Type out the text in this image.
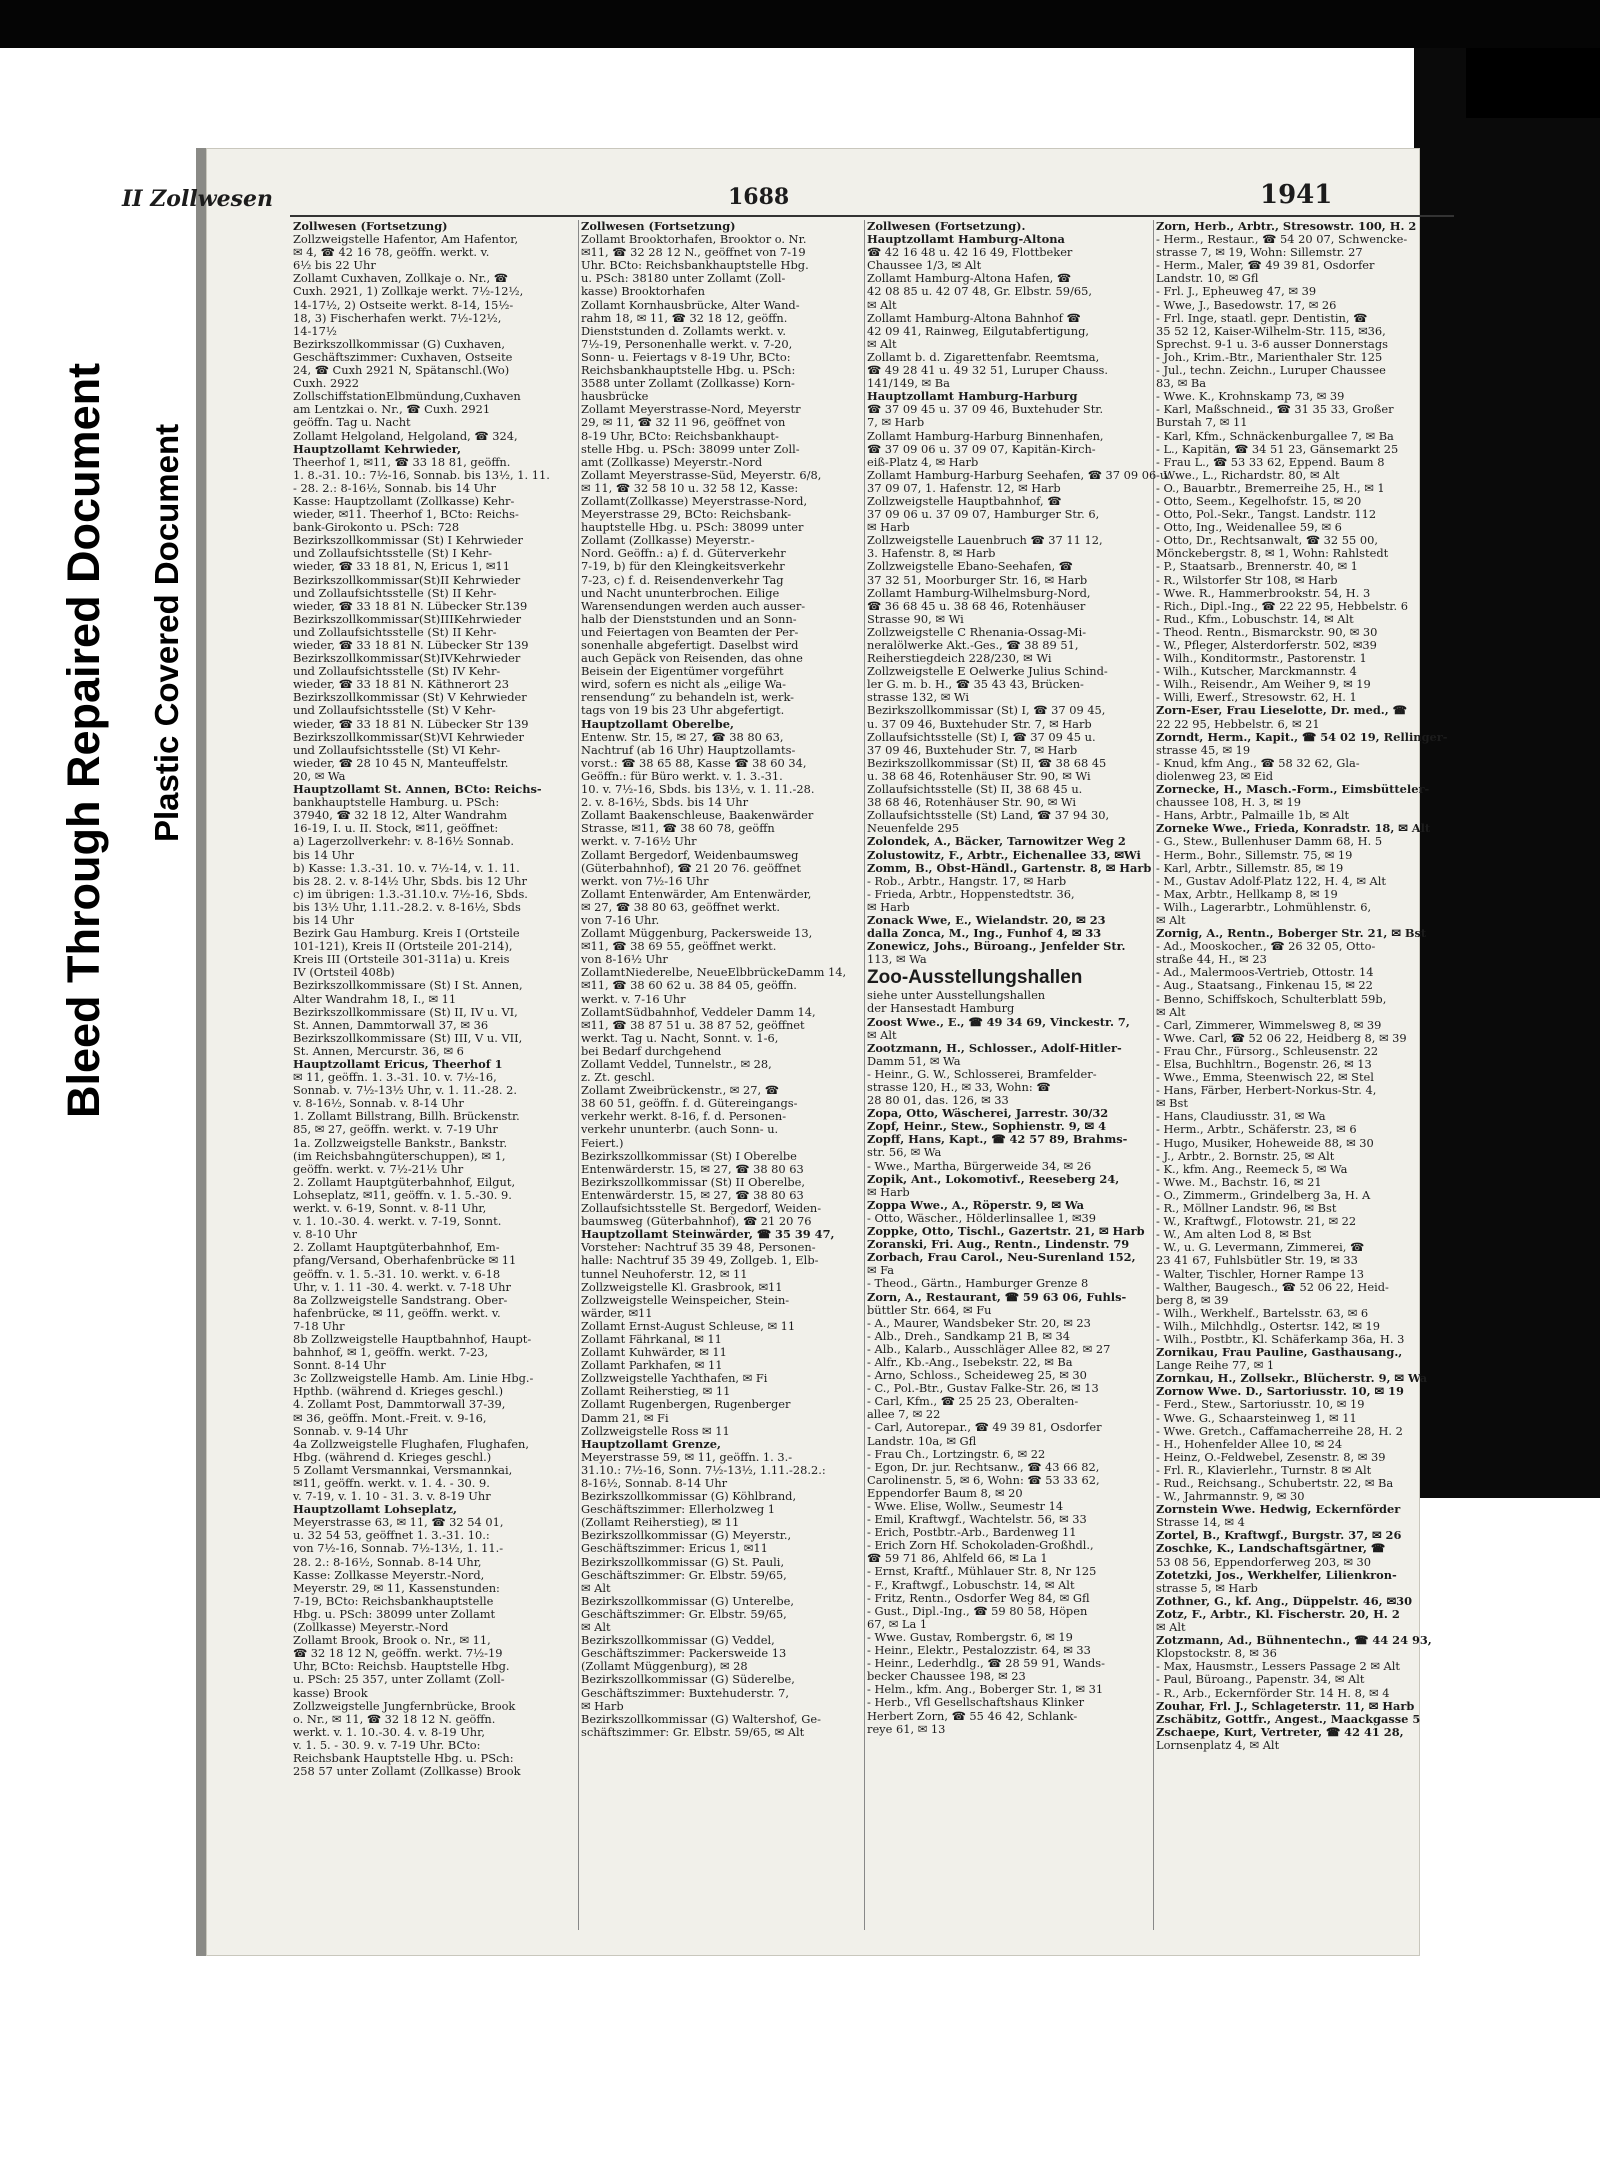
Bleed Through Repaired Document Plastic Covered Document
II Zollwesen	1688	1941
Zollwesen (Fortsetzung)
Zollzweigstelle Hafentor, Am Hafentor,
✉ 4, ☎ 42 16 78, geöffn. werkt. v.
6½ bis 22 Uhr
Zollamt Cuxhaven, Zollkaje o. Nr., ☎
Cuxh. 2921, 1) Zollkaje werkt. 7½-12½,
14-17½, 2) Ostseite werkt. 8-14, 15½-
18, 3) Fischerhafen werkt. 7½-12½,
14-17½
Bezirkszollkommissar (G) Cuxhaven,
Geschäftszimmer: Cuxhaven, Ostseite
24, ☎ Cuxh 2921 N, Spätanschl.(Wo)
Cuxh. 2922
ZollschiffstationElbmündung,Cuxhaven
am Lentzkai o. Nr., ☎ Cuxh. 2921
geöffn. Tag u. Nacht
Zollamt Helgoland, Helgoland, ☎ 324,
Hauptzollamt Kehrwieder,
Theerhof 1, ✉11, ☎ 33 18 81, geöffn.
1. 8.-31. 10.: 7½-16, Sonnab. bis 13½, 1. 11.
- 28. 2.: 8-16½, Sonnab. bis 14 Uhr
Kasse: Hauptzollamt (Zollkasse) Kehr-
wieder, ✉11. Theerhof 1, BCto: Reichs-
bank-Girokonto u. PSch: 728
Bezirkszollkommissar (St) I Kehrwieder
und Zollaufsichtsstelle (St) I Kehr-
wieder, ☎ 33 18 81, N, Ericus 1, ✉11
Bezirkszollkommissar(St)II Kehrwieder
und Zollaufsichtsstelle (St) II Kehr-
wieder, ☎ 33 18 81 N. Lübecker Str.139
Bezirkszollkommissar(St)IIIKehrwieder
und Zollaufsichtsstelle (St) II Kehr-
wieder, ☎ 33 18 81 N. Lübecker Str 139
Bezirkszollkommissar(St)IVKehrwieder
und Zollaufsichtsstelle (St) IV Kehr-
wieder, ☎ 33 18 81 N. Käthnerort 23
Bezirkszollkommissar (St) V Kehrwieder
und Zollaufsichtsstelle (St) V Kehr-
wieder, ☎ 33 18 81 N. Lübecker Str 139
Bezirkszollkommissar(St)VI Kehrwieder
und Zollaufsichtsstelle (St) VI Kehr-
wieder, ☎ 28 10 45 N, Manteuffelstr.
20, ✉ Wa
Hauptzollamt St. Annen, BCto: Reichs-
bankhauptstelle Hamburg. u. PSch:
37940, ☎ 32 18 12, Alter Wandrahm
16-19, I. u. II. Stock, ✉11, geöffnet:
a) Lagerzollverkehr: v. 8-16½ Sonnab.
bis 14 Uhr
b) Kasse: 1.3.-31. 10. v. 7½-14, v. 1. 11.
bis 28. 2. v. 8-14½ Uhr, Sbds. bis 12 Uhr
c) im übrigen: 1.3.-31.10.v. 7½-16, Sbds.
bis 13½ Uhr, 1.11.-28.2. v. 8-16½, Sbds
bis 14 Uhr
Bezirk Gau Hamburg. Kreis I (Ortsteile
101-121), Kreis II (Ortsteile 201-214),
Kreis III (Ortsteile 301-311a) u. Kreis
IV (Ortsteil 408b)
Bezirkszollkommissare (St) I St. Annen,
Alter Wandrahm 18, I., ✉ 11
Bezirkszollkommissare (St) II, IV u. VI,
St. Annen, Dammtorwall 37, ✉ 36
Bezirkszollkommissare (St) III, V u. VII,
St. Annen, Mercurstr. 36, ✉ 6
Hauptzollamt Ericus, Theerhof 1
✉ 11, geöffn. 1. 3.-31. 10. v. 7½-16,
Sonnab. v. 7½-13½ Uhr, v. 1. 11.-28. 2.
v. 8-16½, Sonnab. v. 8-14 Uhr
1. Zollamt Billstrang, Billh. Brückenstr.
85, ✉ 27, geöffn. werkt. v. 7-19 Uhr
1a. Zollzweigstelle Bankstr., Bankstr.
(im Reichsbahngüterschuppen), ✉ 1,
geöffn. werkt. v. 7½-21½ Uhr
2. Zollamt Hauptgüterbahnhof, Eilgut,
Lohseplatz, ✉11, geöffn. v. 1. 5.-30. 9.
werkt. v. 6-19, Sonnt. v. 8-11 Uhr,
v. 1. 10.-30. 4. werkt. v. 7-19, Sonnt.
v. 8-10 Uhr
2. Zollamt Hauptgüterbahnhof, Em-
pfang/Versand, Oberhafenbrücke ✉ 11
geöffn. v. 1. 5.-31. 10. werkt. v. 6-18
Uhr, v. 1. 11 -30. 4. werkt. v. 7-18 Uhr
8a Zollzweigstelle Sandstrang. Ober-
hafenbrücke, ✉ 11, geöffn. werkt. v.
7-18 Uhr
8b Zollzweigstelle Hauptbahnhof, Haupt-
bahnhof, ✉ 1, geöffn. werkt. 7-23,
Sonnt. 8-14 Uhr
3c Zollzweigstelle Hamb. Am. Linie Hbg.-
Hpthb. (während d. Krieges geschl.)
4. Zollamt Post, Dammtorwall 37-39,
✉ 36, geöffn. Mont.-Freit. v. 9-16,
Sonnab. v. 9-14 Uhr
4a Zollzweigstelle Flughafen, Flughafen,
Hbg. (während d. Krieges geschl.)
5 Zollamt Versmannkai, Versmannkai,
✉11, geöffn. werkt. v. 1. 4. - 30. 9.
v. 7-19, v. 1. 10 - 31. 3. v. 8-19 Uhr
Hauptzollamt Lohseplatz,
Meyerstrasse 63, ✉ 11, ☎ 32 54 01,
u. 32 54 53, geöffnet 1. 3.-31. 10.:
von 7½-16, Sonnab. 7½-13½, 1. 11.-
28. 2.: 8-16½, Sonnab. 8-14 Uhr,
Kasse: Zollkasse Meyerstr.-Nord,
Meyerstr. 29, ✉ 11, Kassenstunden:
7-19, BCto: Reichsbankhauptstelle
Hbg. u. PSch: 38099 unter Zollamt
(Zollkasse) Meyerstr.-Nord
Zollamt Brook, Brook o. Nr., ✉ 11,
☎ 32 18 12 N, geöffn. werkt. 7½-19
Uhr, BCto: Reichsb. Hauptstelle Hbg.
u. PSch: 25 357, unter Zollamt (Zoll-
kasse) Brook
Zollzweigstelle Jungfernbrücke, Brook
o. Nr., ✉ 11, ☎ 32 18 12 N. geöffn.
werkt. v. 1. 10.-30. 4. v. 8-19 Uhr,
v. 1. 5. - 30. 9. v. 7-19 Uhr. BCto:
Reichsbank Hauptstelle Hbg. u. PSch:
258 57 unter Zollamt (Zollkasse) Brook
Zollwesen (Fortsetzung)
Zollamt Brooktorhafen, Brooktor o. Nr.
✉11, ☎ 32 28 12 N., geöffnet von 7-19
Uhr. BCto: Reichsbankhauptstelle Hbg.
u. PSch: 38180 unter Zollamt (Zoll-
kasse) Brooktorhafen
Zollamt Kornhausbrücke, Alter Wand-
rahm 18, ✉ 11, ☎ 32 18 12, geöffn.
Dienststunden d. Zollamts werkt. v.
7½-19, Personenhalle werkt. v. 7-20,
Sonn- u. Feiertags v 8-19 Uhr, BCto:
Reichsbankhauptstelle Hbg. u. PSch:
3588 unter Zollamt (Zollkasse) Korn-
hausbrücke
Zollamt Meyerstrasse-Nord, Meyerstr
29, ✉ 11, ☎ 32 11 96, geöffnet von
8-19 Uhr, BCto: Reichsbankhaupt-
stelle Hbg. u. PSch: 38099 unter Zoll-
amt (Zollkasse) Meyerstr.-Nord
Zollamt Meyerstrasse-Süd, Meyerstr. 6/8,
✉ 11, ☎ 32 58 10 u. 32 58 12, Kasse:
Zollamt(Zollkasse) Meyerstrasse-Nord,
Meyerstrasse 29, BCto: Reichsbank-
hauptstelle Hbg. u. PSch: 38099 unter
Zollamt (Zollkasse) Meyerstr.-
Nord. Geöffn.: a) f. d. Güterverkehr
7-19, b) für den Kleingkeitsverkehr
7-23, c) f. d. Reisendenverkehr Tag
und Nacht ununterbrochen. Eilige
Warensendungen werden auch ausser-
halb der Dienststunden und an Sonn-
und Feiertagen von Beamten der Per-
sonenhalle abgefertigt. Daselbst wird
auch Gepäck von Reisenden, das ohne
Beisein der Eigentümer vorgeführt
wird, sofern es nicht als „eilige Wa-
rensendung“ zu behandeln ist, werk-
tags von 19 bis 23 Uhr abgefertigt.
Hauptzollamt Oberelbe,
Entenw. Str. 15, ✉ 27, ☎ 38 80 63,
Nachtruf (ab 16 Uhr) Hauptzollamts-
vorst.: ☎ 38 65 88, Kasse ☎ 38 60 34,
Geöffn.: für Büro werkt. v. 1. 3.-31.
10. v. 7½-16, Sbds. bis 13½, v. 1. 11.-28.
2. v. 8-16½, Sbds. bis 14 Uhr
Zollamt Baakenschleuse, Baakenwärder
Strasse, ✉11, ☎ 38 60 78, geöffn
werkt. v. 7-16½ Uhr
Zollamt Bergedorf, Weidenbaumsweg
(Güterbahnhof), ☎ 21 20 76. geöffnet
werkt. von 7½-16 Uhr
Zollamt Entenwärder, Am Entenwärder,
✉ 27, ☎ 38 80 63, geöffnet werkt.
von 7-16 Uhr.
Zollamt Müggenburg, Packersweide 13,
✉11, ☎ 38 69 55, geöffnet werkt.
von 8-16½ Uhr
ZollamtNiederelbe, NeueElbbrückeDamm 14,
✉11, ☎ 38 60 62 u. 38 84 05, geöffn.
werkt. v. 7-16 Uhr
ZollamtSüdbahnhof, Veddeler Damm 14,
✉11, ☎ 38 87 51 u. 38 87 52, geöffnet
werkt. Tag u. Nacht, Sonnt. v. 1-6,
bei Bedarf durchgehend
Zollamt Veddel, Tunnelstr., ✉ 28,
z. Zt. geschl.
Zollamt Zweibrückenstr., ✉ 27, ☎
38 60 51, geöffn. f. d. Gütereingangs-
verkehr werkt. 8-16, f. d. Personen-
verkehr ununterbr. (auch Sonn- u.
Feiert.)
Bezirkszollkommissar (St) I Oberelbe
Entenwärderstr. 15, ✉ 27, ☎ 38 80 63
Bezirkszollkommissar (St) II Oberelbe,
Entenwärderstr. 15, ✉ 27, ☎ 38 80 63
Zollaufsichtsstelle St. Bergedorf, Weiden-
baumsweg (Güterbahnhof), ☎ 21 20 76
Hauptzollamt Steinwärder, ☎ 35 39 47,
Vorsteher: Nachtruf 35 39 48, Personen-
halle: Nachtruf 35 39 49, Zollgeb. 1, Elb-
tunnel Neuhoferstr. 12, ✉ 11
Zollzweigstelle Kl. Grasbrook, ✉11
Zollzweigstelle Weinspeicher, Stein-
wärder, ✉11
Zollamt Ernst-August Schleuse, ✉ 11
Zollamt Fährkanal, ✉ 11
Zollamt Kuhwärder, ✉ 11
Zollamt Parkhafen, ✉ 11
Zollzweigstelle Yachthafen, ✉ Fi
Zollamt Reiherstieg, ✉ 11
Zollamt Rugenbergen, Rugenberger
Damm 21, ✉ Fi
Zollzweigstelle Ross ✉ 11
Hauptzollamt Grenze,
Meyerstrasse 59, ✉ 11, geöffn. 1. 3.-
31.10.: 7½-16, Sonn. 7½-13½, 1.11.-28.2.:
8-16½, Sonnab. 8-14 Uhr
Bezirkszollkommissar (G) Köhlbrand,
Geschäftszimmer: Ellerholzweg 1
(Zollamt Reiherstieg), ✉ 11
Bezirkszollkommissar (G) Meyerstr.,
Geschäftszimmer: Ericus 1, ✉11
Bezirkszollkommissar (G) St. Pauli,
Geschäftszimmer: Gr. Elbstr. 59/65,
✉ Alt
Bezirkszollkommissar (G) Unterelbe,
Geschäftszimmer: Gr. Elbstr. 59/65,
✉ Alt
Bezirkszollkommissar (G) Veddel,
Geschäftszimmer: Packersweide 13
(Zollamt Müggenburg), ✉ 28
Bezirkszollkommissar (G) Süderelbe,
Geschäftszimmer: Buxtehuderstr. 7,
✉ Harb
Bezirkszollkommissar (G) Waltershof, Ge-
schäftszimmer: Gr. Elbstr. 59/65, ✉ Alt
Zollwesen (Fortsetzung).
Hauptzollamt Hamburg-Altona
☎ 42 16 48 u. 42 16 49, Flottbeker
Chaussee 1/3, ✉ Alt
Zollamt Hamburg-Altona Hafen, ☎
42 08 85 u. 42 07 48, Gr. Elbstr. 59/65,
✉ Alt
Zollamt Hamburg-Altona Bahnhof ☎
42 09 41, Rainweg, Eilgutabfertigung,
✉ Alt
Zollamt b. d. Zigarettenfabr. Reemtsma,
☎ 49 28 41 u. 49 32 51, Luruper Chauss.
141/149, ✉ Ba
Hauptzollamt Hamburg-Harburg
☎ 37 09 45 u. 37 09 46, Buxtehuder Str.
7, ✉ Harb
Zollamt Hamburg-Harburg Binnenhafen,
☎ 37 09 06 u. 37 09 07, Kapitän-Kirch-
eiß-Platz 4, ✉ Harb
Zollamt Hamburg-Harburg Seehafen, ☎ 37 09 06 u.
37 09 07, 1. Hafenstr. 12, ✉ Harb
Zollzweigstelle Hauptbahnhof, ☎
37 09 06 u. 37 09 07, Hamburger Str. 6,
✉ Harb
Zollzweigstelle Lauenbruch ☎ 37 11 12,
3. Hafenstr. 8, ✉ Harb
Zollzweigstelle Ebano-Seehafen, ☎
37 32 51, Moorburger Str. 16, ✉ Harb
Zollamt Hamburg-Wilhelmsburg-Nord,
☎ 36 68 45 u. 38 68 46, Rotenhäuser
Strasse 90, ✉ Wi
Zollzweigstelle C Rhenania-Ossag-Mi-
neralölwerke Akt.-Ges., ☎ 38 89 51,
Reiherstiegdeich 228/230, ✉ Wi
Zollzweigstelle E Oelwerke Julius Schind-
ler G. m. b. H., ☎ 35 43 43, Brücken-
strasse 132, ✉ Wi
Bezirkszollkommissar (St) I, ☎ 37 09 45,
u. 37 09 46, Buxtehuder Str. 7, ✉ Harb
Zollaufsichtsstelle (St) I, ☎ 37 09 45 u.
37 09 46, Buxtehuder Str. 7, ✉ Harb
Bezirkszollkommissar (St) II, ☎ 38 68 45
u. 38 68 46, Rotenhäuser Str. 90, ✉ Wi
Zollaufsichtsstelle (St) II, 38 68 45 u.
38 68 46, Rotenhäuser Str. 90, ✉ Wi
Zollaufsichtsstelle (St) Land, ☎ 37 94 30,
Neuenfelde 295
Zolondek, A., Bäcker, Tarnowitzer Weg 2
Zolustowitz, F., Arbtr., Eichenallee 33, ✉Wi
Zomm, B., Obst-Händl., Gartenstr. 8, ✉ Harb
- Rob., Arbtr., Hangstr. 17, ✉ Harb
- Frieda, Arbtr., Hoppenstedtstr. 36,
✉ Harb
Zonack Wwe, E., Wielandstr. 20, ✉ 23
dalla Zonca, M., Ing., Funhof 4, ✉ 33
Zonewicz, Johs., Büroang., Jenfelder Str.
113, ✉ Wa
Zoo-Ausstellungshallen
siehe unter Ausstellungshallen
der Hansestadt Hamburg
Zoost Wwe., E., ☎ 49 34 69, Vinckestr. 7,
✉ Alt
Zootzmann, H., Schlosser., Adolf-Hitler-
Damm 51, ✉ Wa
- Heinr., G. W., Schlosserei, Bramfelder-
strasse 120, H., ✉ 33, Wohn: ☎
28 80 01, das. 126, ✉ 33
Zopa, Otto, Wäscherei, Jarrestr. 30/32
Zopf, Heinr., Stew., Sophienstr. 9, ✉ 4
Zopff, Hans, Kapt., ☎ 42 57 89, Brahms-
str. 56, ✉ Wa
- Wwe., Martha, Bürgerweide 34, ✉ 26
Zopik, Ant., Lokomotivf., Reeseberg 24,
✉ Harb
Zoppa Wwe., A., Röperstr. 9, ✉ Wa
- Otto, Wäscher., Hölderlinsallee 1, ✉39
Zoppke, Otto, Tischl., Gazertstr. 21, ✉ Harb
Zoranski, Fri. Aug., Rentn., Lindenstr. 79
Zorbach, Frau Carol., Neu-Surenland 152,
✉ Fa
- Theod., Gärtn., Hamburger Grenze 8
Zorn, A., Restaurant, ☎ 59 63 06, Fuhls-
büttler Str. 664, ✉ Fu
- A., Maurer, Wandsbeker Str. 20, ✉ 23
- Alb., Dreh., Sandkamp 21 B, ✉ 34
- Alb., Kalarb., Ausschläger Allee 82, ✉ 27
- Alfr., Kb.-Ang., Isebekstr. 22, ✉ Ba
- Arno, Schloss., Scheideweg 25, ✉ 30
- C., Pol.-Btr., Gustav Falke-Str. 26, ✉ 13
- Carl, Kfm., ☎ 25 25 23, Oberalten-
allee 7, ✉ 22
- Carl, Autorepar., ☎ 49 39 81, Osdorfer
Landstr. 10a, ✉ Gfl
- Frau Ch., Lortzingstr. 6, ✉ 22
- Egon, Dr. jur. Rechtsanw., ☎ 43 66 82,
Carolinenstr. 5, ✉ 6, Wohn: ☎ 53 33 62,
Eppendorfer Baum 8, ✉ 20
- Wwe. Elise, Wollw., Seumestr 14
- Emil, Kraftwgf., Wachtelstr. 56, ✉ 33
- Erich, Postbtr.-Arb., Bardenweg 11
- Erich Zorn Hf. Schokoladen-Großhdl.,
☎ 59 71 86, Ahlfeld 66, ✉ La 1
- Ernst, Kraftf., Mühlauer Str. 8, Nr 125
- F., Kraftwgf., Lobuschstr. 14, ✉ Alt
- Fritz, Rentn., Osdorfer Weg 84, ✉ Gfl
- Gust., Dipl.-Ing., ☎ 59 80 58, Höpen
67, ✉ La 1
- Wwe. Gustav, Rombergstr. 6, ✉ 19
- Heinr., Elektr., Pestalozzistr. 64, ✉ 33
- Heinr., Lederhdlg., ☎ 28 59 91, Wands-
becker Chaussee 198, ✉ 23
- Helm., kfm. Ang., Boberger Str. 1, ✉ 31
- Herb., Vfl Gesellschaftshaus Klinker
Herbert Zorn, ☎ 55 46 42, Schlank-
reye 61, ✉ 13
Zorn, Herb., Arbtr., Stresowstr. 100, H. 2
- Herm., Restaur., ☎ 54 20 07, Schwencke-
strasse 7, ✉ 19, Wohn: Sillemstr. 27
- Herm., Maler, ☎ 49 39 81, Osdorfer
Landstr. 10, ✉ Gfl
- Frl. J., Epheuweg 47, ✉ 39
- Wwe, J., Basedowstr. 17, ✉ 26
- Frl. Inge, staatl. gepr. Dentistin, ☎
35 52 12, Kaiser-Wilhelm-Str. 115, ✉36,
Sprechst. 9-1 u. 3-6 ausser Donnerstags
- Joh., Krim.-Btr., Marienthaler Str. 125
- Jul., techn. Zeichn., Luruper Chaussee
83, ✉ Ba
- Wwe. K., Krohnskamp 73, ✉ 39
- Karl, Maßschneid., ☎ 31 35 33, Großer
Burstah 7, ✉ 11
- Karl, Kfm., Schnäckenburgallee 7, ✉ Ba
- L., Kapitän, ☎ 34 51 23, Gänsemarkt 25
- Frau L., ☎ 53 33 62, Eppend. Baum 8
- Wwe., L., Richardstr. 80, ✉ Alt
- O., Bauarbtr., Bremerreihe 25, H., ✉ 1
- Otto, Seem., Kegelhofstr. 15, ✉ 20
- Otto, Pol.-Sekr., Tangst. Landstr. 112
- Otto, Ing., Weidenallee 59, ✉ 6
- Otto, Dr., Rechtsanwalt, ☎ 32 55 00,
Mönckebergstr. 8, ✉ 1, Wohn: Rahlstedt
- P., Staatsarb., Brennerstr. 40, ✉ 1
- R., Wilstorfer Str 108, ✉ Harb
- Wwe. R., Hammerbrookstr. 54, H. 3
- Rich., Dipl.-Ing., ☎ 22 22 95, Hebbelstr. 6
- Rud., Kfm., Lobuschstr. 14, ✉ Alt
- Theod. Rentn., Bismarckstr. 90, ✉ 30
- W., Pfleger, Alsterdorferstr. 502, ✉39
- Wilh., Konditormstr., Pastorenstr. 1
- Wilh., Kutscher, Marckmannstr. 4
- Wilh., Reisendr., Am Weiher 9, ✉ 19
- Willi, Ewerf., Stresowstr. 62, H. 1
Zorn-Eser, Frau Lieselotte, Dr. med., ☎
22 22 95, Hebbelstr. 6, ✉ 21
Zorndt, Herm., Kapit., ☎ 54 02 19, Rellinger-
strasse 45, ✉ 19
- Knud, kfm Ang., ☎ 58 32 62, Gla-
diolenweg 23, ✉ Eid
Zornecke, H., Masch.-Form., Eimsbütteler-
chaussee 108, H. 3, ✉ 19
- Hans, Arbtr., Palmaille 1b, ✉ Alt
Zorneke Wwe., Frieda, Konradstr. 18, ✉ Alt
- G., Stew., Bullenhuser Damm 68, H. 5
- Herm., Bohr., Sillemstr. 75, ✉ 19
- Karl, Arbtr., Sillemstr. 85, ✉ 19
- M., Gustav Adolf-Platz 122, H. 4, ✉ Alt
- Max, Arbtr., Hellkamp 8, ✉ 19
- Wilh., Lagerarbtr., Lohmühlenstr. 6,
✉ Alt
Zornig, A., Rentn., Boberger Str. 21, ✉ Bst
- Ad., Mooskocher., ☎ 26 32 05, Otto-
straße 44, H., ✉ 23
- Ad., Malermoos-Vertrieb, Ottostr. 14
- Aug., Staatsang., Finkenau 15, ✉ 22
- Benno, Schiffskoch, Schulterblatt 59b,
✉ Alt
- Carl, Zimmerer, Wimmelsweg 8, ✉ 39
- Wwe. Carl, ☎ 52 06 22, Heidberg 8, ✉ 39
- Frau Chr., Fürsorg., Schleusenstr. 22
- Elsa, Buchhltrn., Bogenstr. 26, ✉ 13
- Wwe., Emma, Steenwisch 22, ✉ Stel
- Hans, Färber, Herbert-Norkus-Str. 4,
✉ Bst
- Hans, Claudiusstr. 31, ✉ Wa
- Herm., Arbtr., Schäferstr. 23, ✉ 6
- Hugo, Musiker, Hoheweide 88, ✉ 30
- J., Arbtr., 2. Bornstr. 25, ✉ Alt
- K., kfm. Ang., Reemeck 5, ✉ Wa
- Wwe. M., Bachstr. 16, ✉ 21
- O., Zimmerm., Grindelberg 3a, H. A
- R., Möllner Landstr. 96, ✉ Bst
- W., Kraftwgf., Flotowstr. 21, ✉ 22
- W., Am alten Lod 8, ✉ Bst
- W., u. G. Levermann, Zimmerei, ☎
23 41 67, Fuhlsbütler Str. 19, ✉ 33
- Walter, Tischler, Horner Rampe 13
- Walther, Baugesch., ☎ 52 06 22, Heid-
berg 8, ✉ 39
- Wilh., Werkhelf., Bartelsstr. 63, ✉ 6
- Wilh., Milchhdlg., Ostertsr. 142, ✉ 19
- Wilh., Postbtr., Kl. Schäferkamp 36a, H. 3
Zornikau, Frau Pauline, Gasthausang.,
Lange Reihe 77, ✉ 1
Zornkau, H., Zollsekr., Blücherstr. 9, ✉ Wa
Zornow Wwe. D., Sartoriusstr. 10, ✉ 19
- Ferd., Stew., Sartoriusstr. 10, ✉ 19
- Wwe. G., Schaarsteinweg 1, ✉ 11
- Wwe. Gretch., Caffamacherreihe 28, H. 2
- H., Hohenfelder Allee 10, ✉ 24
- Heinz, O.-Feldwebel, Zesenstr. 8, ✉ 39
- Frl. R., Klavierlehr., Turnstr. 8 ✉ Alt
- Rud., Reichsang., Schubertstr. 22, ✉ Ba
- W., Jahrmannstr. 9, ✉ 30
Zornstein Wwe. Hedwig, Eckernförder
Strasse 14, ✉ 4
Zortel, B., Kraftwgf., Burgstr. 37, ✉ 26
Zoschke, K., Landschaftsgärtner, ☎
53 08 56, Eppendorferweg 203, ✉ 30
Zotetzki, Jos., Werkhelfer, Lilienkron-
strasse 5, ✉ Harb
Zothner, G., kf. Ang., Düppelstr. 46, ✉30
Zotz, F., Arbtr., Kl. Fischerstr. 20, H. 2
✉ Alt
Zotzmann, Ad., Bühnentechn., ☎ 44 24 93,
Klopstockstr. 8, ✉ 36
- Max, Hausmstr., Lessers Passage 2 ✉ Alt
- Paul, Büroang., Papenstr. 34, ✉ Alt
- R., Arb., Eckernförder Str. 14 H. 8, ✉ 4
Zouhar, Frl. J., Schlageterstr. 11, ✉ Harb
Zschäbitz, Gottfr., Angest., Maackgasse 5
Zschaepe, Kurt, Vertreter, ☎ 42 41 28,
Lornsenplatz 4, ✉ Alt
